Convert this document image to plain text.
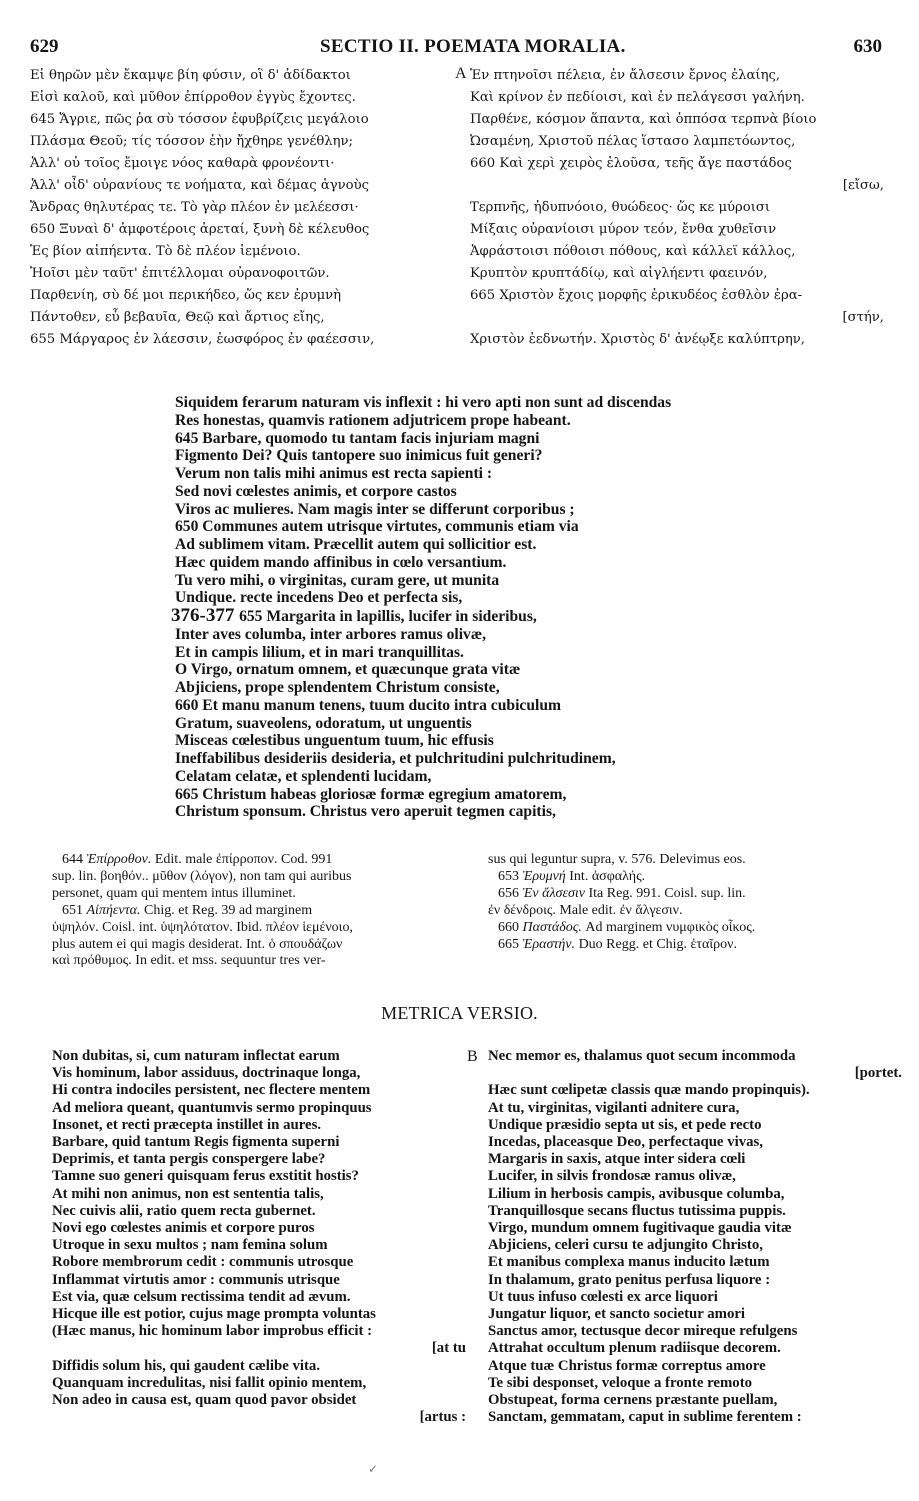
629	SECTIO II. POEMATA MORALIA.	630
Εἰ θηρῶν μὲν ἔκαμψε βίη φύσιν, οἳ δ' ἀδίδακτοι
Εἰσὶ καλοῦ, καὶ μῦθον ἐπίρροθον ἐγγὺς ἔχοντες.
645 Ἄγριε, πῶς ῥα σὺ τόσσον ἐφυβρίζεις μεγάλοιο
Πλάσμα Θεοῦ; τίς τόσσον ἑὴν ἤχθηρε γενέθλην;
Ἀλλ' οὐ τοῖος ἔμοιγε νόος καθαρὰ φρονέοντι·
Ἀλλ' οἶδ' οὐρανίους τε νοήματα, καὶ δέμας ἁγνοὺς
Ἄνδρας θηλυτέρας τε. Τὸ γὰρ πλέον ἐν μελέεσσι·
650 Ξυναὶ δ' ἀμφοτέροις ἀρεταί, ξυνὴ δὲ κέλευθος
Ἐς βίον αἰπήεντα. Τὸ δὲ πλέον ἱεμένοιο.
Ἠοῖσι μὲν ταῦτ' ἐπιτέλλομαι οὐρανοφοιτῶν.
Παρθενίη, σὺ δέ μοι περικήδεο, ὥς κεν ἐρυμνὴ
Πάντοθεν, εὖ βεβαυῖα, Θεῷ καὶ ἄρτιος εἴης,
655 Μάργαρος ἐν λάεσσιν, ἑωσφόρος ἐν φαέεσσιν,
A Ἐν πτηνοῖσι πέλεια, ἐν ἄλσεσιν ἔρνος ἐλαίης,
Καὶ κρίνον ἐν πεδίοισι, καὶ ἐν πελάγεσσι γαλήνη.
Παρθένε, κόσμον ἅπαντα, καὶ ὁππόσα τερπνὰ βίοιο
Ὠσαμένη, Χριστοῦ πέλας ἵστασο λαμπετόωντος,
660 Καὶ χερὶ χειρὸς ἑλοῦσα, τεῆς ἄγε παστάδος
[εἴσω,
Τερπνῆς, ἡδυπνόοιο, θυώδεος· ὥς κε μύροισι
Μίξαις οὐρανίοισι μύρον τεόν, ἔνθα χυθεῖσιν
Ἀφράστοισι πόθοισι πόθους, καὶ κάλλεϊ κάλλος,
Κρυπτὸν κρυπτάδίῳ, καὶ αἰγλήεντι φαεινόν,
665 Χριστὸν ἔχοις μορφῆς ἐρικυδέος ἐσθλὸν ἐρα-
[στήν,
Χριστὸν ἑεδνωτήν. Χριστὸς δ' ἀνέῳξε καλύπτρην,
Siquidem ferarum naturam vis inflexit : hi vero apti non sunt ad discendas
Res honestas, quamvis rationem adjutricem prope habeant.
645 Barbare, quomodo tu tantam facis injuriam magni
Figmento Dei? Quis tantopere suo inimicus fuit generi?
Verum non talis mihi animus est recta sapienti :
Sed novi cœlestes animis, et corpore castos
Viros ac mulieres. Nam magis inter se differunt corporibus ;
650 Communes autem utrisque virtutes, communis etiam via
Ad sublimem vitam. Præcellit autem qui sollicitior est.
Hæc quidem mando affinibus in cœlo versantium.
Tu vero mihi, o virginitas, curam gere, ut munita
Undique. recte incedens Deo et perfecta sis,
376-377 655 Margarita in lapillis, lucifer in sideribus,
Inter aves columba, inter arbores ramus olivæ,
Et in campis lilium, et in mari tranquillitas.
O Virgo, ornatum omnem, et quæcunque grata vitæ
Abjiciens, prope splendentem Christum consiste,
660 Et manu manum tenens, tuum ducito intra cubiculum
Gratum, suaveolens, odoratum, ut unguentis
Misceas cœlestibus unguentum tuum, hic effusis
Ineffabilibus desideriis desideria, et pulchritudini pulchritudinem,
Celatam celatæ, et splendenti lucidam,
665 Christum habeas gloriosæ formæ egregium amatorem,
Christum sponsum. Christus vero aperuit tegmen capitis,
644 Ἐπίρροθον. Edit. male ἐπίρροπον. Cod. 991
sup. lin. βοηθόν.. μῦθον (λόγον), non tam qui auribus
personet, quam qui mentem intus illuminet.
651 Αἰπήεντα. Chig. et Reg. 39 ad marginem
ὑψηλόν. Coisl. int. ὑψηλότατον. Ibid. πλέον ἱεμένοιο,
plus autem ei qui magis desiderat. Int. ὁ σπουδάζων
καὶ πρόθυμος. In edit. et mss. sequuntur tres ver-
sus qui leguntur supra, v. 576. Delevimus eos.
653 Ἐρυμνή Int. ἀσφαλής.
656 Ἐν ἄλσεσιν Ita Reg. 991. Coisl. sup. lin.
ἐν δένδροις. Male edit. ἐν ἄλγεσιν.
660 Παστάδος. Ad marginem νυμφικὸς οἶκος.
665 Ἐραστήν. Duo Regg. et Chig. ἑταῖρον.
METRICA VERSIO.
Non dubitas, si, cum naturam inflectat earum
Vis hominum, labor assiduus, doctrinaque longa,
Hi contra indociles persistent, nec flectere mentem
Ad meliora queant, quantumvis sermo propinquus
Insonet, et recti præcepta instillet in aures.
Barbare, quid tantum Regis figmenta superni
Deprimis, et tanta pergis conspergere labe?
Tamne suo generi quisquam ferus exstitit hostis?
At mihi non animus, non est sententia talis,
Nec cuivis alii, ratio quem recta gubernet.
Novi ego cœlestes animis et corpore puros
Utroque in sexu multos ; nam femina solum
Robore membrorum cedit : communis utrosque
Inflammat virtutis amor : communis utrisque
Est via, quæ celsum rectissima tendit ad ævum.
Hicque ille est potior, cujus mage prompta voluntas
(Hæc manus, hic hominum labor improbus efficit :
[at tu
Diffidis solum his, qui gaudent cælibe vita.
Quanquam incredulitas, nisi fallit opinio mentem,
Non adeo in causa est, quam quod pavor obsidet
[artus :
B Nec memor es, thalamus quot secum incommoda
[portet.
Hæc sunt cœlipetæ classis quæ mando propinquis).
At tu, virginitas, vigilanti adnitere cura,
Undique præsidio septa ut sis, et pede recto
Incedas, placeasque Deo, perfectaque vivas,
Margaris in saxis, atque inter sidera cœli
Lucifer, in silvis frondosæ ramus olivæ,
Lilium in herbosis campis, avibusque columba,
Tranquillosque secans fluctus tutissima puppis.
Virgo, mundum omnem fugitivaque gaudia vitæ
Abjiciens, celeri cursu te adjungito Christo,
Et manibus complexa manus inducito lætum
In thalamum, grato penitus perfusa liquore :
Ut tuus infuso cœlesti ex arce liquori
Jungatur liquor, et sancto societur amori
Sanctus amor, tectusque decor mireque refulgens
Attrahat occultum plenum radiisque decorem.
Atque tuæ Christus formæ correptus amore
Te sibi desponset, veloque a fronte remoto
Obstupeat, forma cernens præstante puellam,
Sanctam, gemmatam, caput in sublime ferentem :
✓
